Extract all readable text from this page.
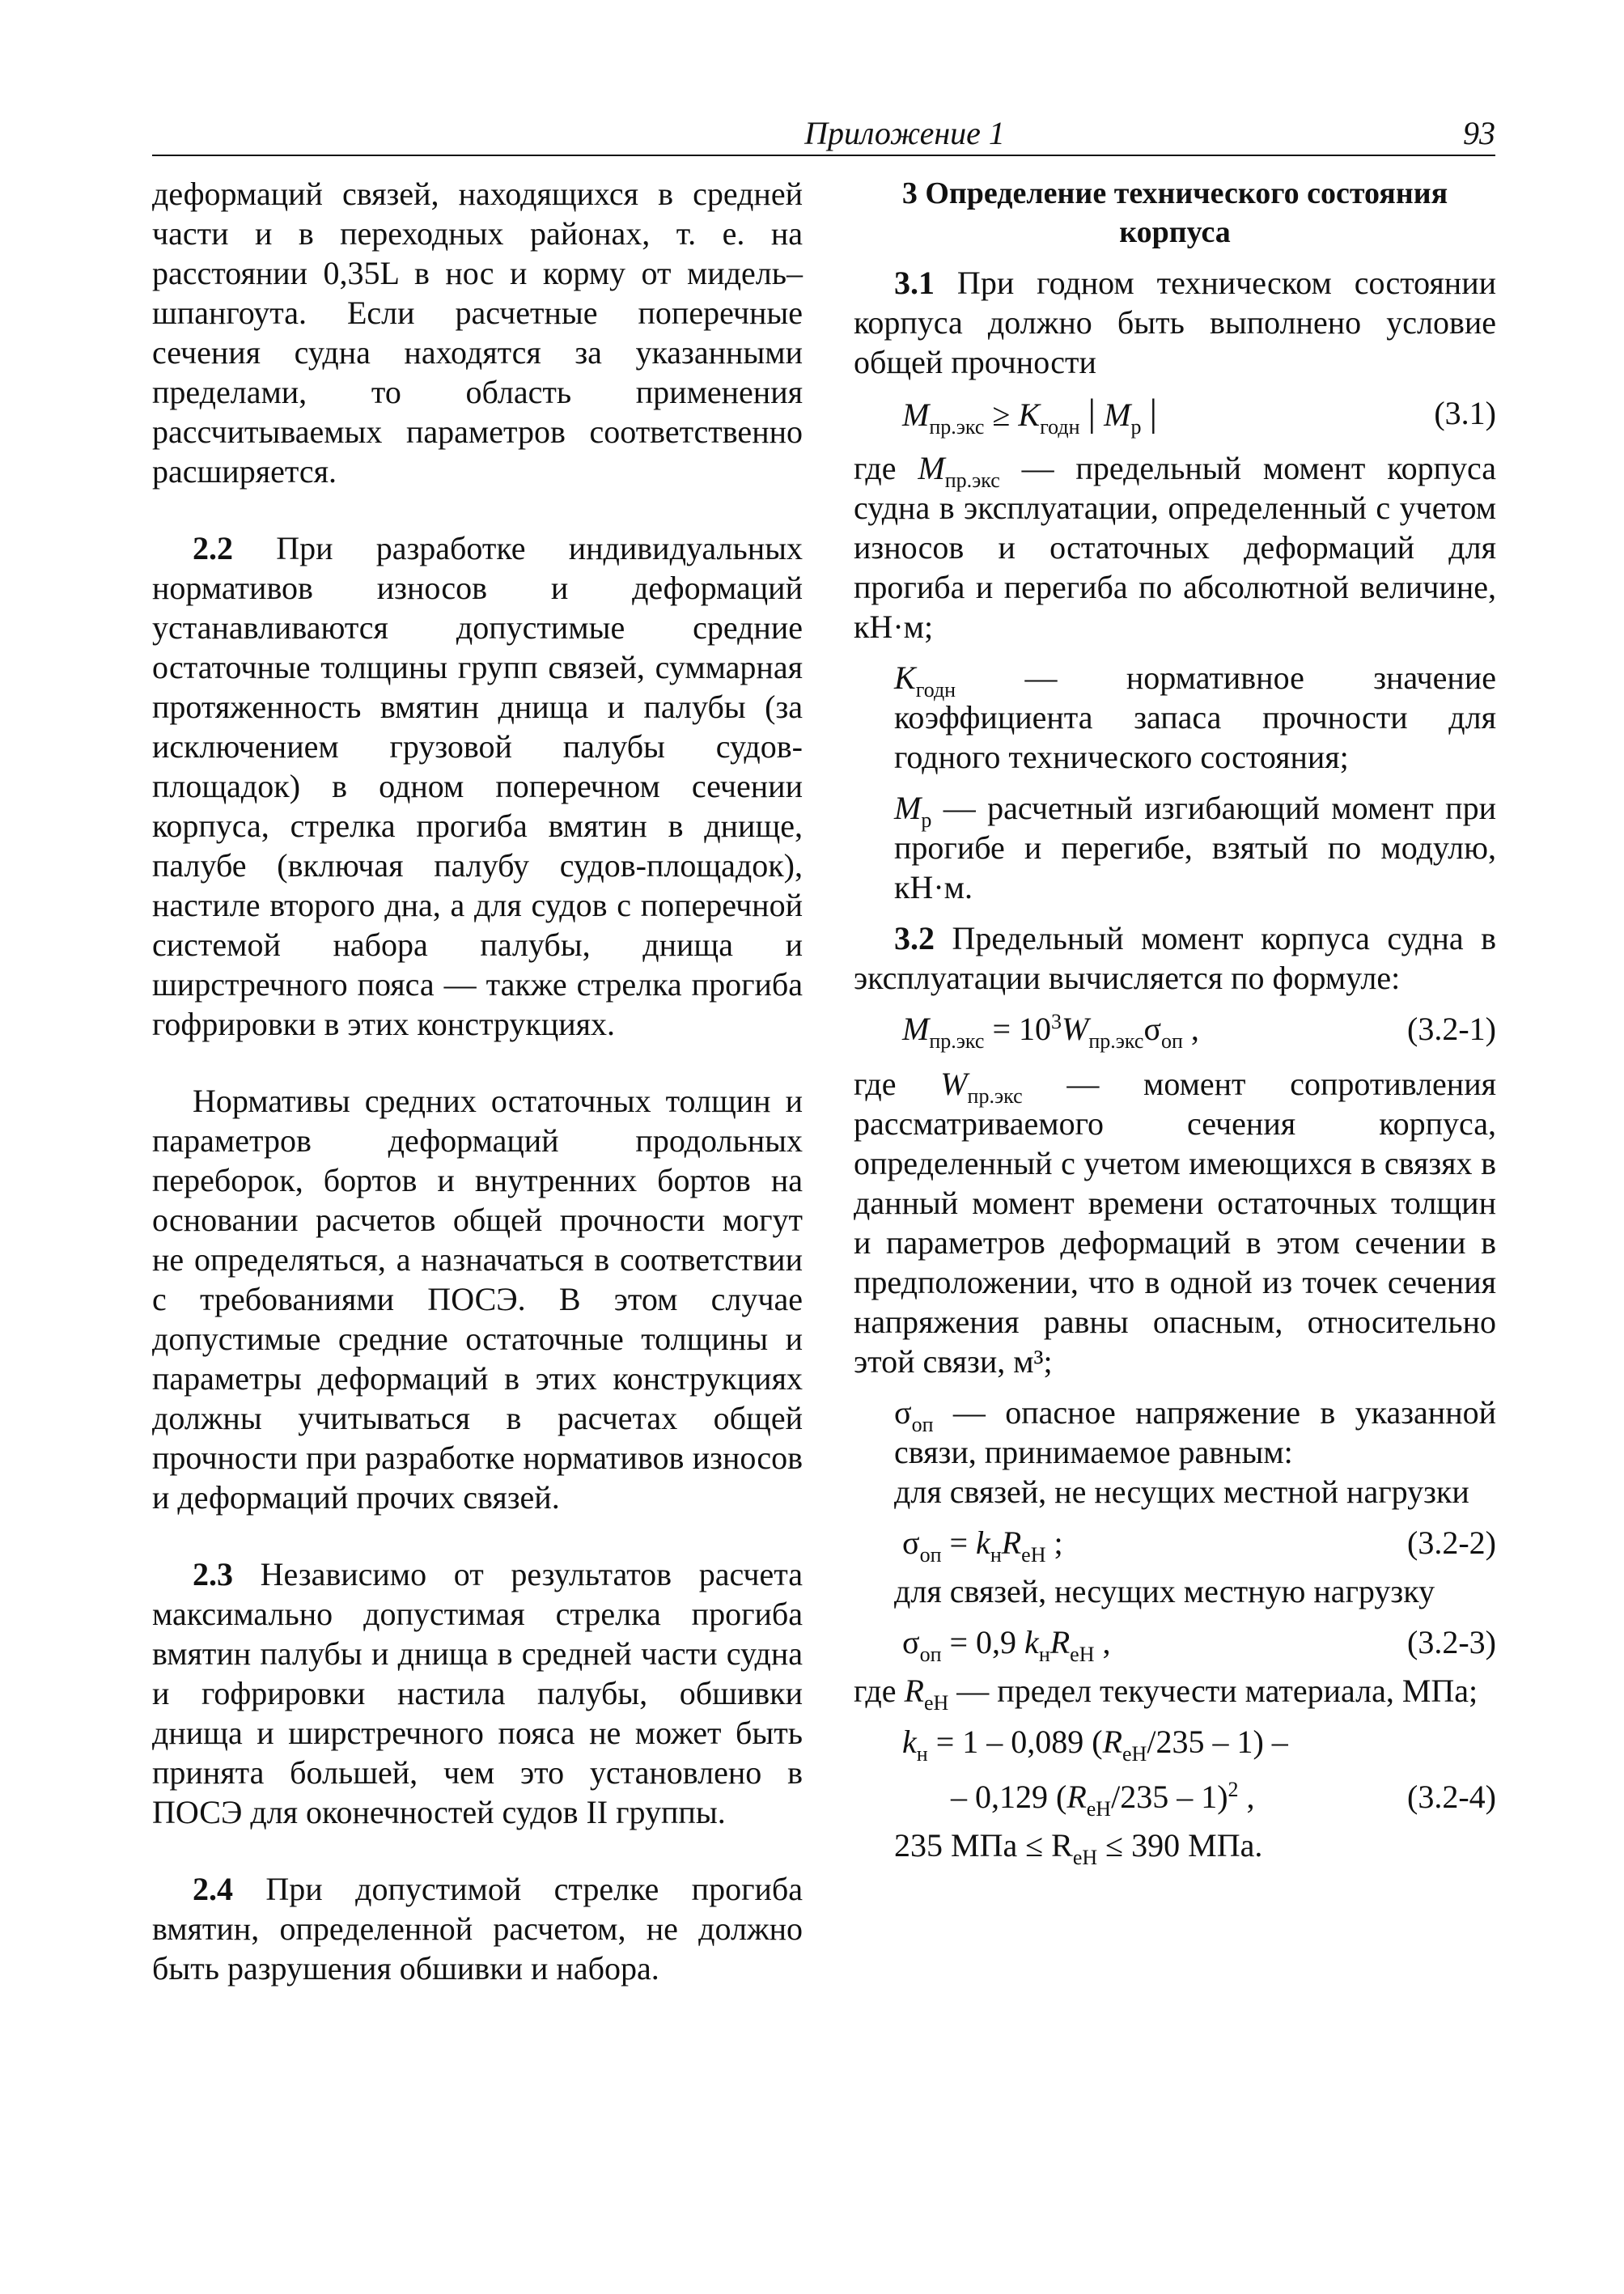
Приложение 1	93

деформаций связей, находящихся в средней части и в переходных районах, т. е. на расстоянии 0,35L в нос и корму от мидель–шпангоута. Если расчетные поперечные сечения судна находятся за указанными пределами, то область применения рассчитываемых параметров соответственно расширяется.

2.2 При разработке индивидуальных нормативов износов и деформаций устанавливаются допустимые средние остаточные толщины групп связей, суммарная протяженность вмятин днища и палубы (за исключением грузовой палубы судов-площадок) в одном поперечном сечении корпуса, стрелка прогиба вмятин в днище, палубе (включая палубу судов-площадок), настиле второго дна, а для судов с поперечной системой набора палубы, днища и ширстречного пояса — также стрелка прогиба гофрировки в этих конструкциях.

Нормативы средних остаточных толщин и параметров деформаций продольных переборок, бортов и внутренних бортов на основании расчетов общей прочности могут не определяться, а назначаться в соответствии с требованиями ПОСЭ. В этом случае допустимые средние остаточные толщины и параметры деформаций в этих конструкциях должны учитываться в расчетах общей прочности при разработке нормативов износов и деформаций прочих связей.

2.3 Независимо от результатов расчета максимально допустимая стрелка прогиба вмятин палубы и днища в средней части судна и гофрировки настила палубы, обшивки днища и ширстречного пояса не может быть принята большей, чем это установлено в ПОСЭ для оконечностей судов II группы.

2.4 При допустимой стрелке прогиба вмятин, определенной расчетом, не должно быть разрушения обшивки и набора.

3 Определение технического состояния корпуса

3.1 При годном техническом состоянии корпуса должно быть выполнено условие общей прочности

$M_{пр.экс} \ge K_{годн}$ | $M_р$ |	(3.1)

где $M_{пр.экс}$ — предельный момент корпуса судна в эксплуатации, определенный с учетом износов и остаточных деформаций для прогиба и перегиба по абсолютной величине, кН·м;

$K_{годн}$ — нормативное значение коэффициента запаса прочности для годного технического состояния;

$M_р$ — расчетный изгибающий момент при прогибе и перегибе, взятый по модулю, кН·м.

3.2 Предельный момент корпуса судна в эксплуатации вычисляется по формуле:

$M_{пр.экс} = 10^3W_{пр.экс}\sigma_{оп}$ ,	(3.2-1)

где $W_{пр.экс}$ — момент сопротивления рассматриваемого сечения корпуса, определенный с учетом имеющихся в связях в данный момент времени остаточных толщин и параметров деформаций в этом сечении в предположении, что в одной из точек сечения напряжения равны опасным, относительно этой связи, м³;

$\sigma_{оп}$ — опасное напряжение в указанной связи, принимаемое равным:

для связей, не несущих местной нагрузки

$\sigma_{оп} = k_нR_{eH}$ ;	(3.2-2)

для связей, несущих местную нагрузку

$\sigma_{оп} = 0,9$ $k_нR_{eH}$ ,	(3.2-3)

где $R_{eH}$ — предел текучести материала, МПа;

$k_н = 1 - 0,089$ $(R_{eH}/235 - 1)$ –
– 0,129 $(R_{eH}/235 - 1)^2$ ,	(3.2-4)

235 МПа ≤ $R_{eH} \le 390$ МПа.
